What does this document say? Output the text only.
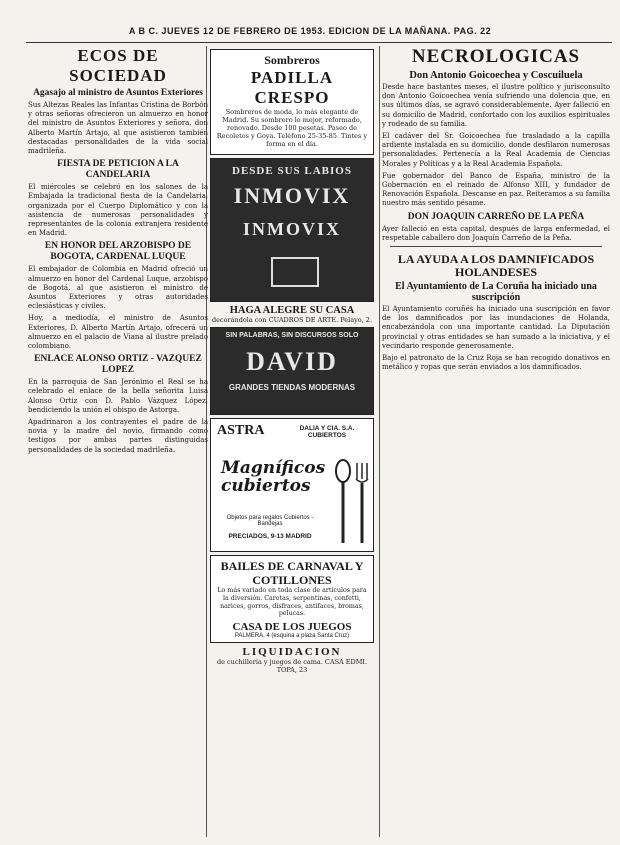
A B C. JUEVES 12 DE FEBRERO DE 1953. EDICION DE LA MAÑANA. PAG. 22
ECOS DE SOCIEDAD
Agasajo al ministro de Asuntos Exteriores

Sus Altezas Reales las Infantas Cristina de Borbón y otras señoras ofrecieron un almuerzo en honor del ministro de Asuntos Exteriores y señora, don Alberto Martín Artajo, al que asistieron también destacadas personalidades de la vida social madrileña.

FIESTA DE PETICION A LA CANDELARIA

El miércoles se celebró en los salones de la Embajada la tradicional fiesta de la Candelaria, organizada por el Cuerpo Diplomático y con la asistencia de numerosas personalidades y representantes de la colonia extranjera residente en Madrid.

EN HONOR DEL ARZOBISPO DE BOGOTA, CARDENAL LUQUE

El embajador de Colombia en Madrid ofreció un almuerzo en honor del Cardenal Luque, arzobispo de Bogotá, al que asistieron el ministro de Asuntos Exteriores y otras autoridades eclesiásticas y civiles.

Hoy, a mediodía, el ministro de Asuntos Exteriores, D. Alberto Martín Artajo, ofrecerá un almuerzo en el palacio de Viana al ilustre prelado colombiano.

ENLACE ALONSO ORTIZ - VAZQUEZ LOPEZ

En la parroquia de San Jerónimo el Real se ha celebrado el enlace de la bella señorita Luisa Alonso Ortiz con D. Pablo Vázquez López, bendiciendo la unión el obispo de Astorga.

Apadrinaron a los contrayentes el padre de la novia y la madre del novio, firmando como testigos por ambas partes distinguidas personalidades de la sociedad madrileña.

Sombreros
PADILLA CRESPO

Sombreros de moda, lo más elegante de Madrid. Su sombrero lo mejor, reformado, renovado. Desde 100 pesetas. Paseo de Recoletos y Goya. Teléfono 25-35-85. Tintes y forma en el día.

DESDE SUS LABIOS
INMOVIX
INMOVIX
HAGA ALEGRE SU CASA
decorándola con CUADROS DE ARTE. Pelayo, 2.
SIN PALABRAS, SIN DISCURSOS SOLO
DAVID
GRANDES TIENDAS MODERNAS
ASTRA	DALIA Y CIA. S.A. CUBIERTOS
Magníficos cubiertos
Objetos para regalos Cubiertos - Bandejas
PRECIADOS, 9-13 MADRID
BAILES DE CARNAVAL Y COTILLONES

Lo más variado en toda clase de artículos para la diversión. Caretas, serpentinas, confetti, narices, gorros, disfraces, antifaces, bromas, pelucas.

CASA DE LOS JUEGOS
PALMERA, 4 (esquina a plaza Santa Cruz)
LIQUIDACION
de cuchillería y juegos de cama. CASA EDMI. TOPA, 23
NECROLOGICAS
Don Antonio Goicoechea y Coscuiluela

Desde hace bastantes meses, el ilustre político y jurisconsulto don Antonio Goicoechea venía sufriendo una dolencia que, en sus últimos días, se agravó considerablemente. Ayer falleció en su domicilio de Madrid, confortado con los auxilios espirituales y rodeado de su familia.

El cadáver del Sr. Goicoechea fue trasladado a la capilla ardiente instalada en su domicilio, donde desfilaron numerosas personalidades. Pertenecía a la Real Academia de Ciencias Morales y Políticas y a la Real Academia Española.

Fue gobernador del Banco de España, ministro de la Gobernación en el reinado de Alfonso XIII, y fundador de Renovación Española. Descanse en paz. Reiteramos a su familia nuestro más sentido pésame.

DON JOAQUIN CARREÑO DE LA PEÑA

Ayer falleció en esta capital, después de larga enfermedad, el respetable caballero don Joaquín Carreño de la Peña.

LA AYUDA A LOS DAMNIFICADOS HOLANDESES
El Ayuntamiento de La Coruña ha iniciado una suscripción

El Ayuntamiento coruñés ha iniciado una suscripción en favor de los damnificados por las inundaciones de Holanda, encabezándola con una importante cantidad. La Diputación provincial y otras entidades se han sumado a la iniciativa, y el vecindario responde generosamente.

Bajo el patronato de la Cruz Roja se han recogido donativos en metálico y ropas que serán enviados a los damnificados.
